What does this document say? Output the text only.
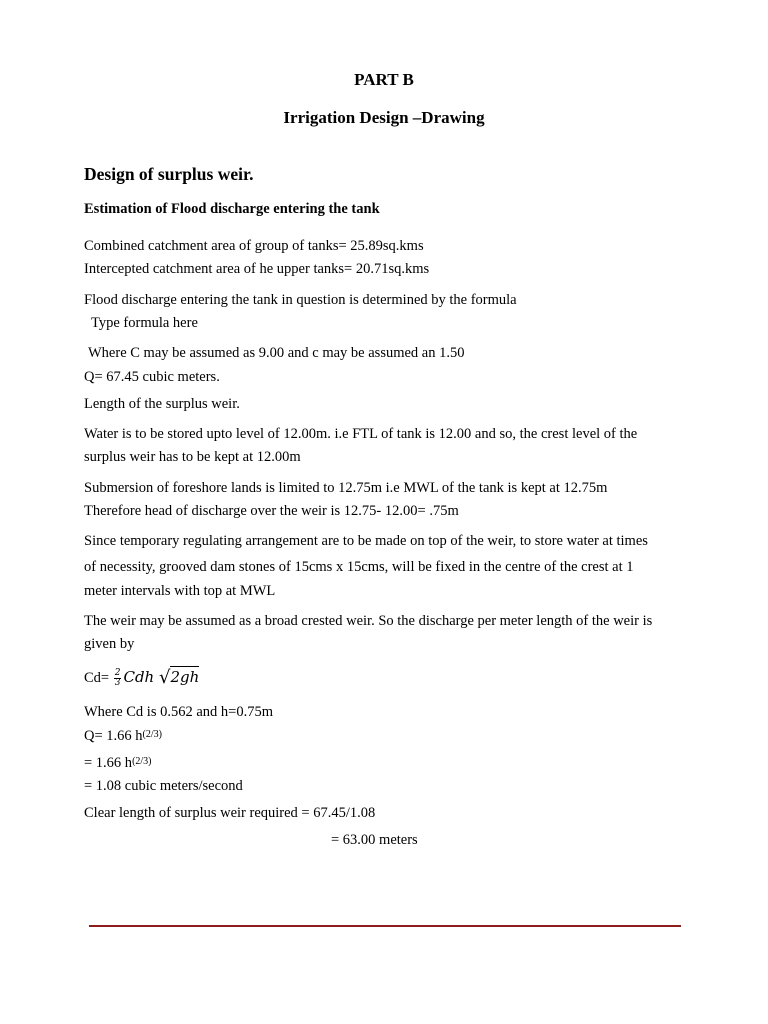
PART B
Irrigation Design –Drawing
Design of surplus weir.
Estimation of Flood discharge entering the tank
Combined catchment area of group of tanks= 25.89sq.kms
Intercepted catchment area of he upper tanks= 20.71sq.kms
Flood discharge entering the tank in question is determined by the formula
Type formula here
Where C may be assumed as 9.00 and c may be assumed an 1.50
Q= 67.45 cubic meters.
Length of the surplus weir.
Water is to be stored upto level of 12.00m. i.e FTL of tank is 12.00 and so, the crest level of the
surplus weir has to be kept at 12.00m
Submersion of foreshore lands is limited to 12.75m i.e MWL of the tank is kept at 12.75m
Therefore head of discharge over the weir is 12.75- 12.00= .75m
Since temporary regulating arrangement are to be made on top of the weir, to store water at times
of necessity, grooved dam stones of 15cms x 15cms, will be fixed in the centre of the crest at 1
meter intervals with top at MWL
The weir may be assumed as a broad crested weir. So the discharge per meter length of the weir is
given by
$Cd= \frac{2}{3}$ Cdh √2gh
Where Cd is 0.562 and h=0.75m
Q= 1.66 $h^{(2/3)}$
= 1.66 $h^{(2/3)}$
= 1.08 cubic meters/second
Clear length of surplus weir required = 67.45/1.08
= 63.00 meters
